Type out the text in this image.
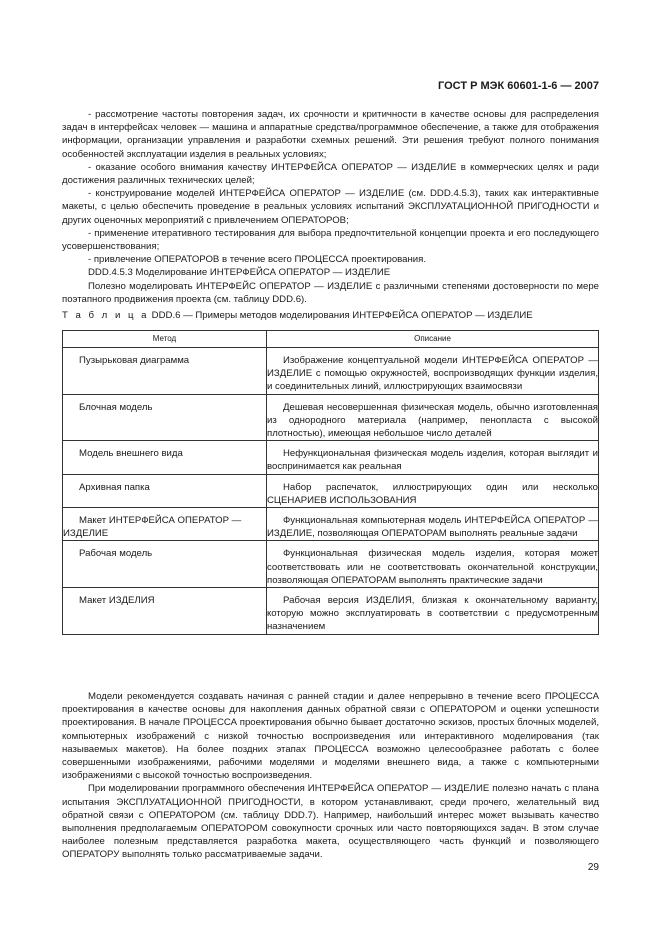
ГОСТ Р МЭК 60601-1-6 — 2007

- рассмотрение частоты повторения задач, их срочности и критичности в качестве основы для распределения задач в интерфейсах человек — машина и аппаратные средства/программное обеспечение, а также для отображения информации, организации управления и разработки схемных решений. Эти решения требуют полного понимания особенностей эксплуатации изделия в реальных условиях;

- оказание особого внимания качеству ИНТЕРФЕЙСА ОПЕРАТОР — ИЗДЕЛИЕ в коммерческих целях и ради достижения различных технических целей;

- конструирование моделей ИНТЕРФЕЙСА ОПЕРАТОР — ИЗДЕЛИЕ (см. DDD.4.5.3), таких как интерактивные макеты, с целью обеспечить проведение в реальных условиях испытаний ЭКСПЛУАТАЦИОННОЙ ПРИГОДНОСТИ и других оценочных мероприятий с привлечением ОПЕРАТОРОВ;

- применение итеративного тестирования для выбора предпочтительной концепции проекта и его последующего усовершенствования;

- привлечение ОПЕРАТОРОВ в течение всего ПРОЦЕССА проектирования.

DDD.4.5.3 Моделирование ИНТЕРФЕЙСА ОПЕРАТОР — ИЗДЕЛИЕ

Полезно моделировать ИНТЕРФЕЙС ОПЕРАТОР — ИЗДЕЛИЕ с различными степенями достоверности по мере поэтапного продвижения проекта (см. таблицу DDD.6).

Т а б л и ц а DDD.6 — Примеры методов моделирования ИНТЕРФЕЙСА ОПЕРАТОР — ИЗДЕЛИЕ
Метод	Описание

Пузырьковая диаграмма	Изображение концептуальной модели ИНТЕРФЕЙСА ОПЕРАТОР — ИЗДЕЛИЕ с помощью окружностей, воспроизводящих функции изделия, и соединительных линий, иллюстрирующих взаимосвязи

Блочная модель	Дешевая несовершенная физическая модель, обычно изготовленная из однородного материала (например, пенопласта с высокой плотностью), имеющая небольшое число деталей

Модель внешнего вида	Нефункциональная физическая модель изделия, которая выглядит и воспринимается как реальная

Архивная папка	Набор распечаток, иллюстрирующих один или несколько СЦЕНАРИЕВ ИСПОЛЬЗОВАНИЯ

Макет ИНТЕРФЕЙСА ОПЕРАТОР — ИЗДЕЛИЕ	Функциональная компьютерная модель ИНТЕРФЕЙСА ОПЕРАТОР — ИЗДЕЛИЕ, позволяющая ОПЕРАТОРАМ выполнять реальные задачи

Рабочая модель	Функциональная физическая модель изделия, которая может соответствовать или не соответствовать окончательной конструкции, позволяющая ОПЕРАТОРАМ выполнять практические задачи

Макет ИЗДЕЛИЯ	Рабочая версия ИЗДЕЛИЯ, близкая к окончательному варианту, которую можно эксплуатировать в соответствии с предусмотренным назначением

Модели рекомендуется создавать начиная с ранней стадии и далее непрерывно в течение всего ПРОЦЕССА проектирования в качестве основы для накопления данных обратной связи с ОПЕРАТОРОМ и оценки успешности проектирования. В начале ПРОЦЕССА проектирования обычно бывает достаточно эскизов, простых блочных моделей, компьютерных изображений с низкой точностью воспроизведения или интерактивного моделирования (так называемых макетов). На более поздних этапах ПРОЦЕССА возможно целесообразнее работать с более совершенными изображениями, рабочими моделями и моделями внешнего вида, а также с компьютерными изображениями с высокой точностью воспроизведения.

При моделировании программного обеспечения ИНТЕРФЕЙСА ОПЕРАТОР — ИЗДЕЛИЕ полезно начать с плана испытания ЭКСПЛУАТАЦИОННОЙ ПРИГОДНОСТИ, в котором устанавливают, среди прочего, желательный вид обратной связи с ОПЕРАТОРОМ (см. таблицу DDD.7). Например, наибольший интерес может вызывать качество выполнения предполагаемым ОПЕРАТОРОМ совокупности срочных или часто повторяющихся задач. В этом случае наиболее полезным представляется разработка макета, осуществляющего часть функций и позволяющего ОПЕРАТОРУ выполнять только рассматриваемые задачи.

29
